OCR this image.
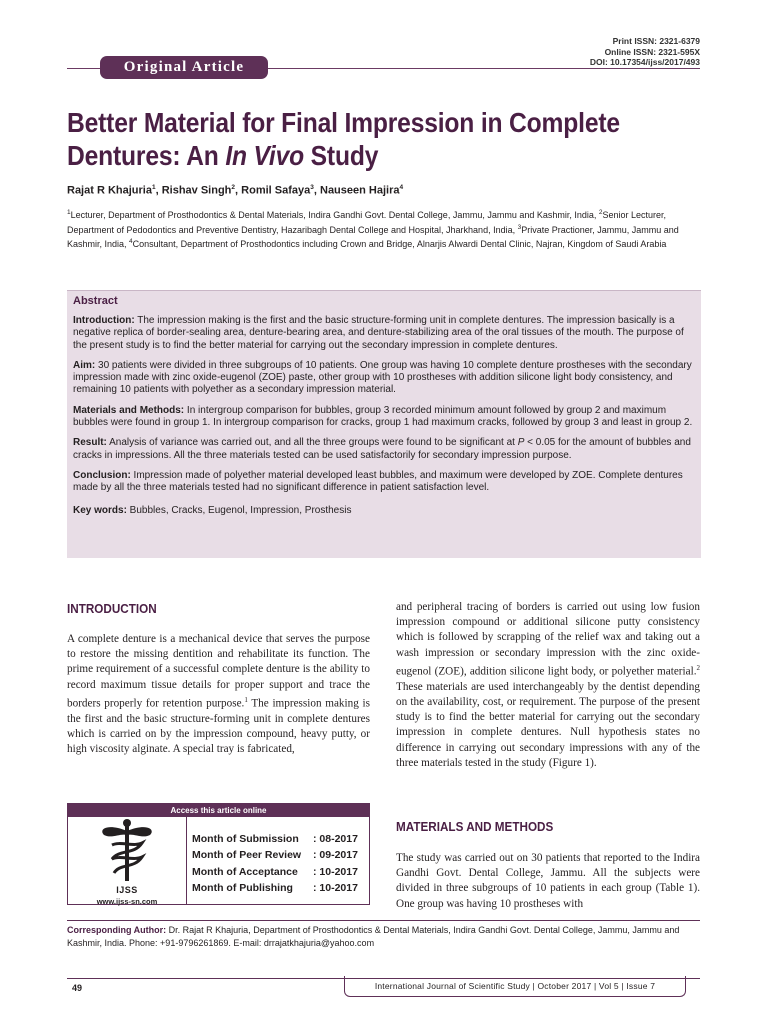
Print ISSN: 2321-6379
Online ISSN: 2321-595X
DOI: 10.17354/ijss/2017/493
Original Article
Better Material for Final Impression in Complete Dentures: An In Vivo Study
Rajat R Khajuria$^1$, Rishav Singh$^2$, Romil Safaya$^3$, Nauseen Hajira$^4$
$^1$Lecturer, Department of Prosthodontics & Dental Materials, Indira Gandhi Govt. Dental College, Jammu, Jammu and Kashmir, India, $^2$Senior Lecturer, Department of Pedodontics and Preventive Dentistry, Hazaribagh Dental College and Hospital, Jharkhand, India, $^3$Private Practioner, Jammu, Jammu and Kashmir, India, $^4$Consultant, Department of Prosthodontics including Crown and Bridge, Alnarjis Alwardi Dental Clinic, Najran, Kingdom of Saudi Arabia
Abstract

Introduction: The impression making is the first and the basic structure-forming unit in complete dentures. The impression basically is a negative replica of border-sealing area, denture-bearing area, and denture-stabilizing area of the oral tissues of the mouth. The purpose of the present study is to find the better material for carrying out the secondary impression in complete dentures.

Aim: 30 patients were divided in three subgroups of 10 patients. One group was having 10 complete denture prostheses with the secondary impression made with zinc oxide-eugenol (ZOE) paste, other group with 10 prostheses with addition silicone light body consistency, and remaining 10 patients with polyether as a secondary impression material.

Materials and Methods: In intergroup comparison for bubbles, group 3 recorded minimum amount followed by group 2 and maximum bubbles were found in group 1. In intergroup comparison for cracks, group 1 had maximum cracks, followed by group 3 and least in group 2.

Result: Analysis of variance was carried out, and all the three groups were found to be significant at P < 0.05 for the amount of bubbles and cracks in impressions. All the three materials tested can be used satisfactorily for secondary impression purpose.

Conclusion: Impression made of polyether material developed least bubbles, and maximum were developed by ZOE. Complete dentures made by all the three materials tested had no significant difference in patient satisfaction level.

Key words: Bubbles, Cracks, Eugenol, Impression, Prosthesis

INTRODUCTION

A complete denture is a mechanical device that serves the purpose to restore the missing dentition and rehabilitate its function. The prime requirement of a successful complete denture is the ability to record maximum tissue details for proper support and trace the borders properly for retention purpose.$^1$ The impression making is the first and the basic structure-forming unit in complete dentures which is carried on by the impression compound, heavy putty, or high viscosity alginate. A special tray is fabricated,

and peripheral tracing of borders is carried out using low fusion impression compound or additional silicone putty consistency which is followed by scrapping of the relief wax and taking out a wash impression or secondary impression with the zinc oxide-eugenol (ZOE), addition silicone light body, or polyether material.$^2$ These materials are used interchangeably by the dentist depending on the availability, cost, or requirement. The purpose of the present study is to find the better material for carrying out the secondary impression in complete dentures. Null hypothesis states no difference in carrying out secondary impressions with any of the three materials tested in the study (Figure 1).

MATERIALS AND METHODS

The study was carried out on 30 patients that reported to the Indira Gandhi Govt. Dental College, Jammu. All the subjects were divided in three subgroups of 10 patients in each group (Table 1). One group was having 10 prostheses with

Access this article online
IJSS
www.ijss-sn.com
Month of Submission	: 08-2017
Month of Peer Review	: 09-2017
Month of Acceptance	: 10-2017
Month of Publishing	: 10-2017
Corresponding Author: Dr. Rajat R Khajuria, Department of Prosthodontics & Dental Materials, Indira Gandhi Govt. Dental College, Jammu, Jammu and Kashmir, India. Phone: +91-9796261869. E-mail: drrajatkhajuria@yahoo.com
49	International Journal of Scientific Study | October 2017 | Vol 5 | Issue 7
